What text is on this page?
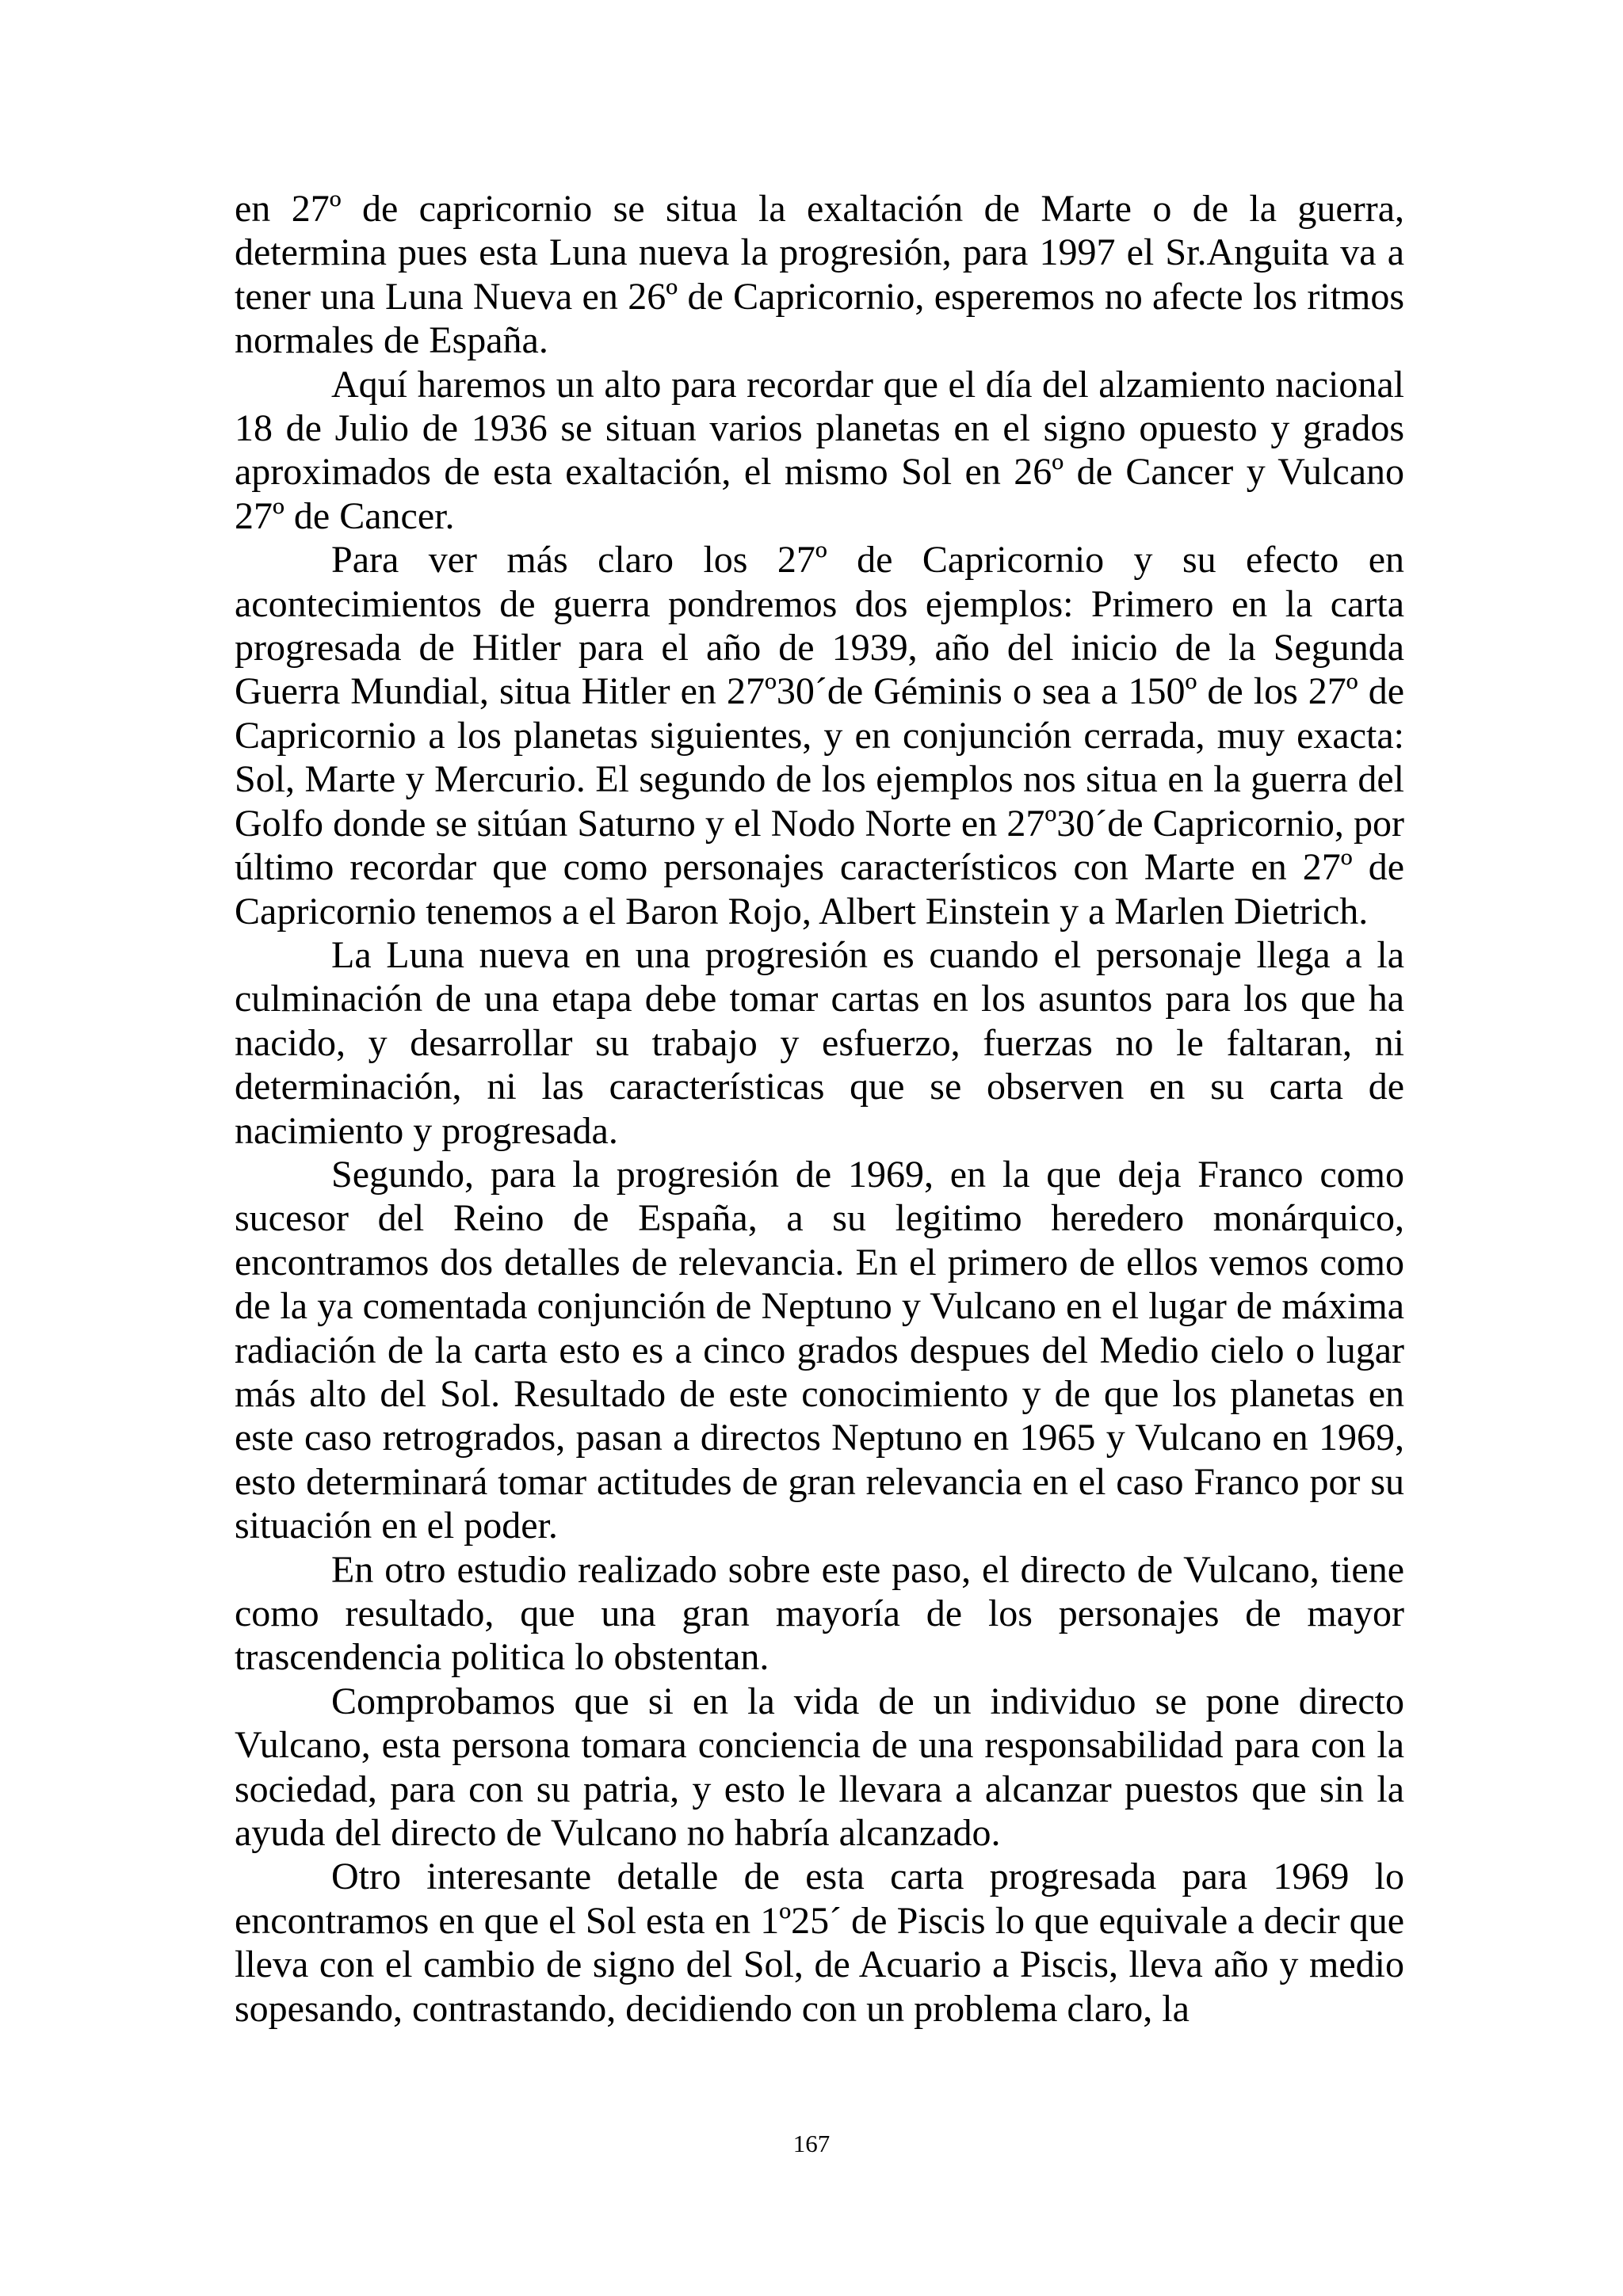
en 27º de capricornio se situa la exaltación de Marte o de la guerra, determina pues esta Luna nueva la progresión, para 1997 el Sr.Anguita va a tener una Luna Nueva en 26º de Capricornio, esperemos no afecte los ritmos normales de España.

Aquí haremos un alto para recordar que el día del alzamiento nacional 18 de Julio de 1936 se situan varios planetas en el signo opuesto y grados aproximados de esta exaltación, el mismo Sol en 26º de Cancer y Vulcano 27º de Cancer.

Para ver más claro los 27º de Capricornio y su efecto en acontecimientos de guerra pondremos dos ejemplos: Primero en la carta progresada de Hitler para el año de 1939, año del inicio de la Segunda Guerra Mundial, situa Hitler en 27º30´de Géminis o sea a 150º de los 27º de Capricornio a los planetas siguientes, y en conjunción cerrada, muy exacta: Sol, Marte y Mercurio. El segundo de los ejemplos nos situa en la guerra del Golfo donde se sitúan Saturno y el Nodo Norte en 27º30´de Capricornio, por último recordar que como personajes característicos con Marte en 27º de Capricornio tenemos a el Baron Rojo, Albert Einstein y a Marlen Dietrich.

La Luna nueva en una progresión es cuando el personaje llega a la culminación de una etapa debe tomar cartas en los asuntos para los que ha nacido, y desarrollar su trabajo y esfuerzo, fuerzas no le faltaran, ni determinación, ni las características que se observen en su carta de nacimiento y progresada.

Segundo, para la progresión de 1969, en la que deja Franco como sucesor del Reino de España, a su legitimo heredero monárquico, encontramos dos detalles de relevancia. En el primero de ellos vemos como de la ya comentada conjunción de Neptuno y Vulcano en el lugar de máxima radiación de la carta esto es a cinco grados despues del Medio cielo o lugar más alto del Sol. Resultado de este conocimiento y de que los planetas en este caso retrogrados, pasan a directos Neptuno en 1965 y Vulcano en 1969, esto determinará tomar actitudes de gran relevancia en el caso Franco por su situación en el poder.

En otro estudio realizado sobre este paso, el directo de Vulcano, tiene como resultado, que una gran mayoría de los personajes de mayor trascendencia politica lo obstentan.

Comprobamos que si en la vida de un individuo se pone directo Vulcano, esta persona tomara conciencia de una responsabilidad para con la sociedad, para con su patria, y esto le llevara a alcanzar puestos que sin la ayuda del directo de Vulcano no habría alcanzado.

Otro interesante detalle de esta carta progresada para 1969 lo encontramos en que el Sol esta en 1º25´ de Piscis lo que equivale a decir que lleva con el cambio de signo del Sol, de Acuario a Piscis, lleva año y medio sopesando, contrastando, decidiendo con un problema claro, la

167
